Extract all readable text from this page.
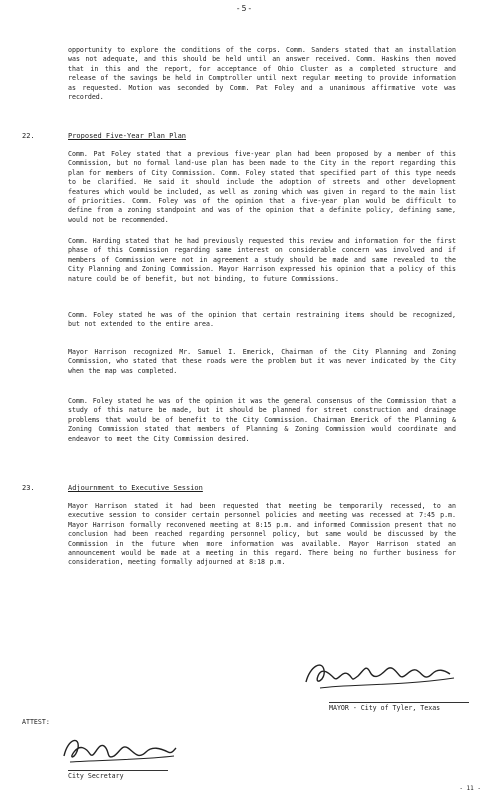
-5-

opportunity to explore the conditions of the corps. Comm. Sanders stated that an installation was not adequate, and this should be held until an answer received. Comm. Haskins then moved that in this and the report, for acceptance of Ohio Cluster as a completed structure and release of the savings be held in Comptroller until next regular meeting to provide information as requested. Motion was seconded by Comm. Pat Foley and a unanimous affirmative vote was recorded.

22.	Proposed Five-Year Plan Plan

Comm. Pat Foley stated that a previous five-year plan had been proposed by a member of this Commission, but no formal land-use plan has been made to the City in the report regarding this plan for members of City Commission. Comm. Foley stated that specified part of this type needs to be clarified. He said it should include the adoption of streets and other development features which would be included, as well as zoning which was given in regard to the main list of priorities. Comm. Foley was of the opinion that a five-year plan would be difficult to define from a zoning standpoint and was of the opinion that a definite policy, defining same, would not be recommended.

Comm. Harding stated that he had previously requested this review and information for the first phase of this Commission regarding same interest on considerable concern was involved and if members of Commission were not in agreement a study should be made and same revealed to the City Planning and Zoning Commission. Mayor Harrison expressed his opinion that a policy of this nature could be of benefit, but not binding, to future Commissions.

Comm. Foley stated he was of the opinion that certain restraining items should be recognized, but not extended to the entire area.

Mayor Harrison recognized Mr. Samuel I. Emerick, Chairman of the City Planning and Zoning Commission, who stated that these roads were the problem but it was never indicated by the City when the map was completed.

Comm. Foley stated he was of the opinion it was the general consensus of the Commission that a study of this nature be made, but it should be planned for street construction and drainage problems that would be of benefit to the City Commission. Chairman Emerick of the Planning & Zoning Commission stated that members of Planning & Zoning Commission would coordinate and endeavor to meet the City Commission desired.

23.	Adjournment to Executive Session

Mayor Harrison stated it had been requested that meeting be temporarily recessed, to an executive session to consider certain personnel policies and meeting was recessed at 7:45 p.m. Mayor Harrison formally reconvened meeting at 8:15 p.m. and informed Commission present that no conclusion had been reached regarding personnel policy, but same would be discussed by the Commission in the future when more information was available. Mayor Harrison stated an announcement would be made at a meeting in this regard. There being no further business for consideration, meeting formally adjourned at 8:18 p.m.

MAYOR - City of Tyler, Texas
ATTEST:
City Secretary
- 11 -
